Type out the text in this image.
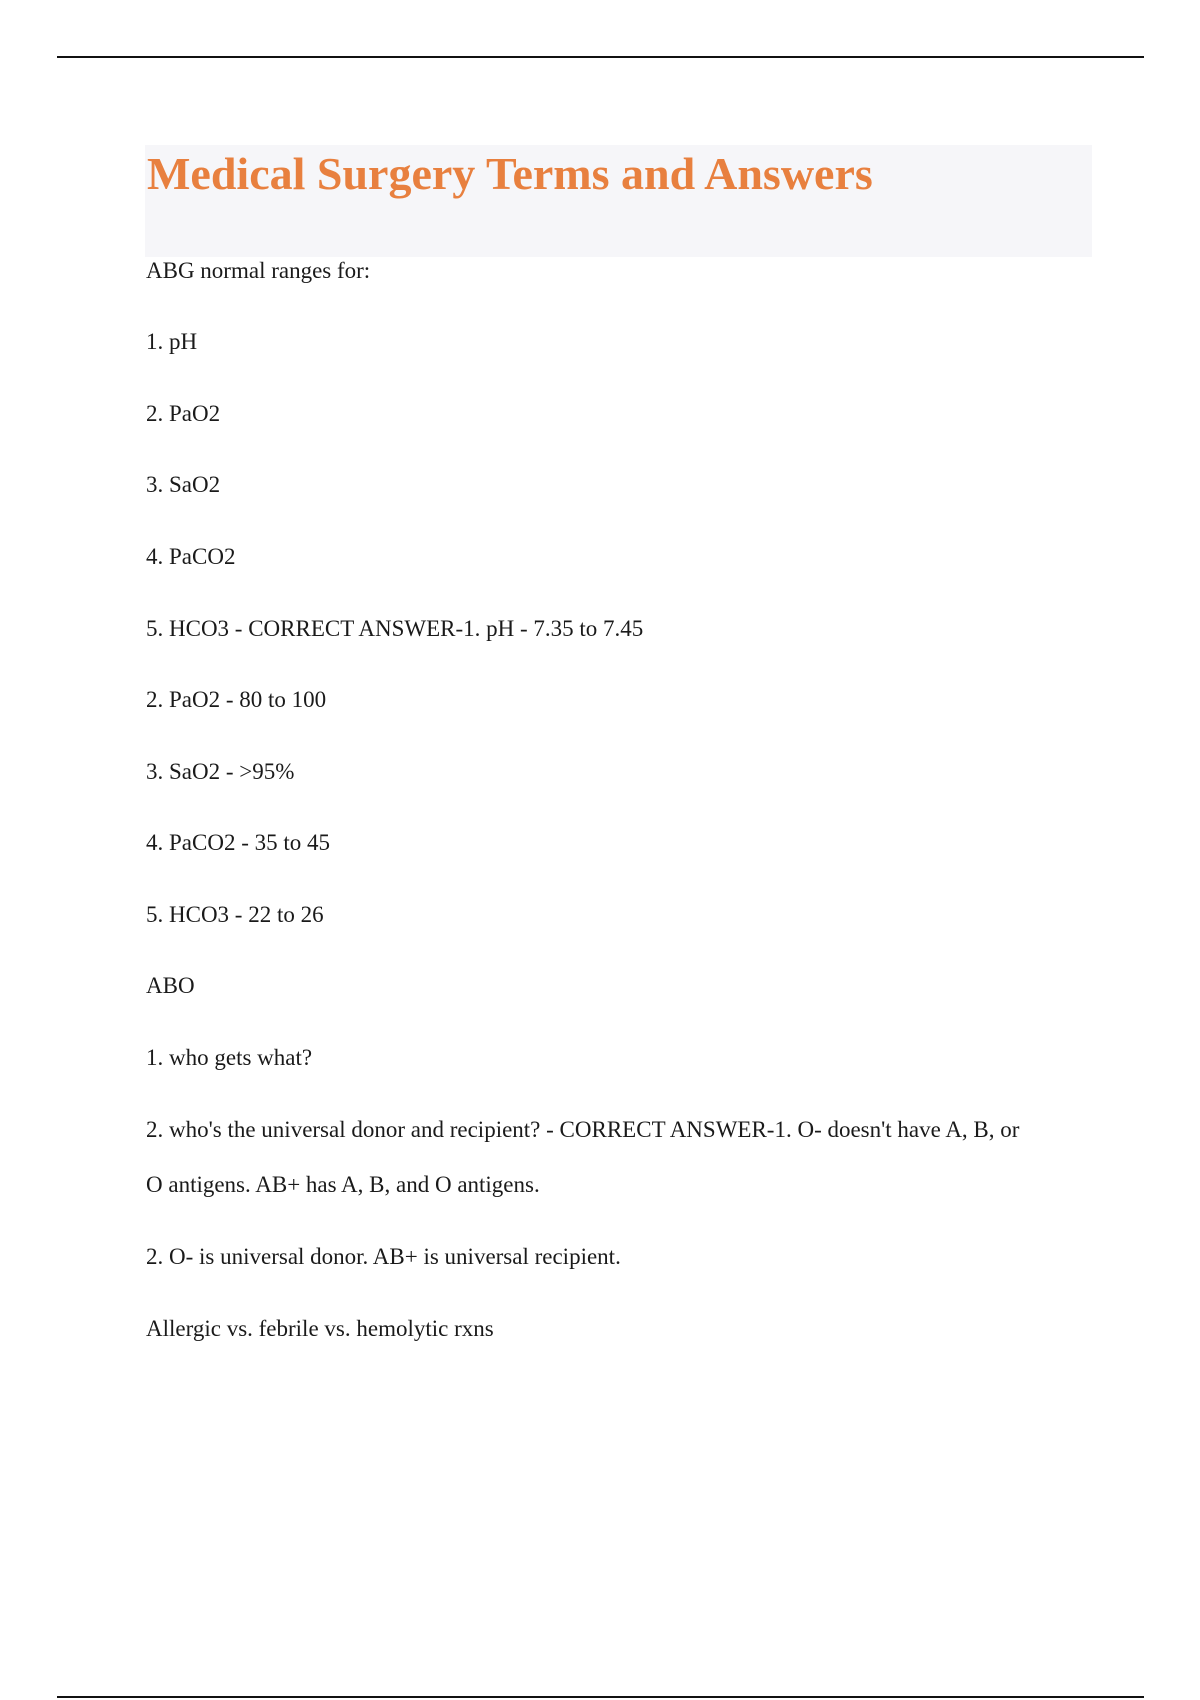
Medical Surgery Terms and Answers

ABG normal ranges for:

1. pH

2. PaO2

3. SaO2

4. PaCO2

5. HCO3 - CORRECT ANSWER-1. pH - 7.35 to 7.45

2. PaO2 - 80 to 100

3. SaO2 - >95%

4. PaCO2 - 35 to 45

5. HCO3 - 22 to 26

ABO

1. who gets what?

2. who's the universal donor and recipient? - CORRECT ANSWER-1. O- doesn't have A, B, or

O antigens. AB+ has A, B, and O antigens.

2. O- is universal donor. AB+ is universal recipient.

Allergic vs. febrile vs. hemolytic rxns
